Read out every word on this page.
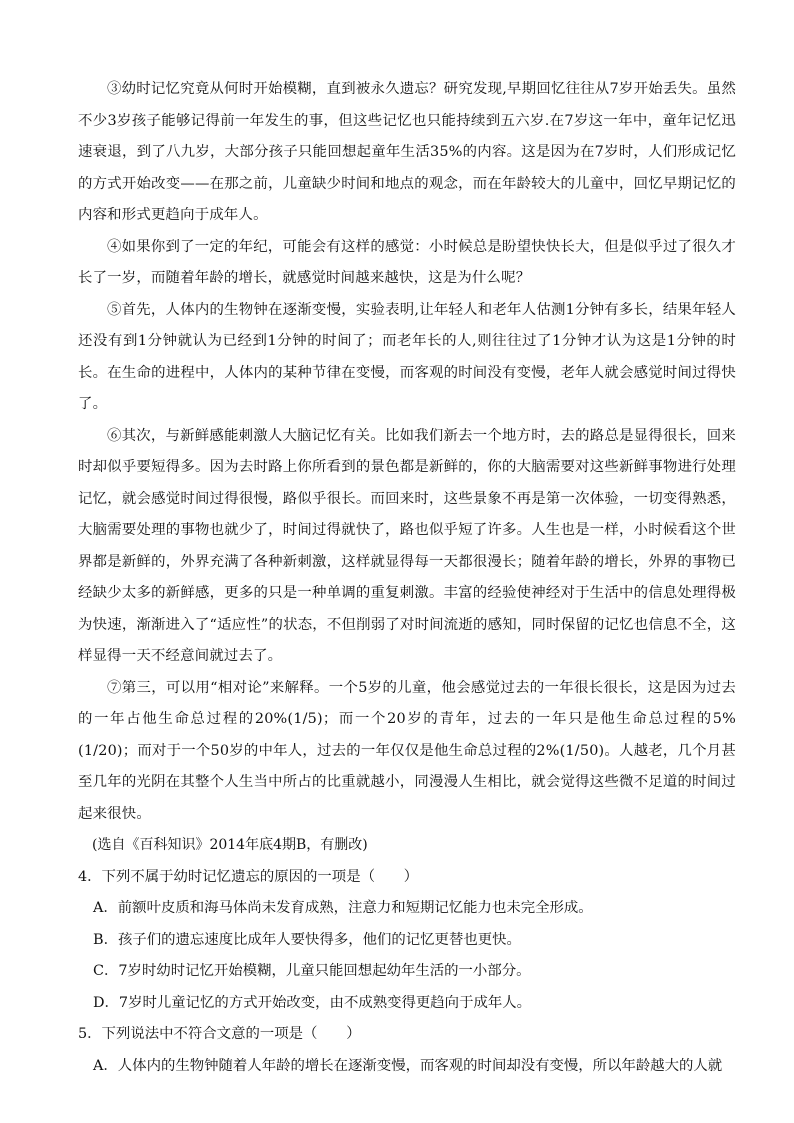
③幼时记忆究竟从何时开始模糊，直到被永久遗忘？研究发现,早期回忆往往从7岁开始丢失。虽然不少3岁孩子能够记得前一年发生的事，但这些记忆也只能持续到五六岁.在7岁这一年中，童年记忆迅速衰退，到了八九岁，大部分孩子只能回想起童年生活35%的内容。这是因为在7岁时，人们形成记忆的方式开始改变——在那之前，儿童缺少时间和地点的观念，而在年龄较大的儿童中，回忆早期记忆的内容和形式更趋向于成年人。

④如果你到了一定的年纪，可能会有这样的感觉：小时候总是盼望快快长大，但是似乎过了很久才长了一岁，而随着年龄的增长，就感觉时间越来越快，这是为什么呢？

⑤首先，人体内的生物钟在逐渐变慢，实验表明,让年轻人和老年人估测1分钟有多长，结果年轻人还没有到1分钟就认为已经到1分钟的时间了；而老年长的人,则往往过了1分钟才认为这是1分钟的时长。在生命的进程中，人体内的某种节律在变慢，而客观的时间没有变慢，老年人就会感觉时间过得快了。

⑥其次，与新鲜感能刺激人大脑记忆有关。比如我们新去一个地方时，去的路总是显得很长，回来时却似乎要短得多。因为去时路上你所看到的景色都是新鲜的，你的大脑需要对这些新鲜事物进行处理记忆，就会感觉时间过得很慢，路似乎很长。而回来时，这些景象不再是第一次体验，一切变得熟悉，大脑需要处理的事物也就少了，时间过得就快了，路也似乎短了许多。人生也是一样，小时候看这个世界都是新鲜的，外界充满了各种新刺激，这样就显得每一天都很漫长；随着年龄的增长，外界的事物已经缺少太多的新鲜感，更多的只是一种单调的重复刺激。丰富的经验使神经对于生活中的信息处理得极为快速，渐渐进入了“适应性”的状态，不但削弱了对时间流逝的感知，同时保留的记忆也信息不全，这样显得一天不经意间就过去了。

⑦第三，可以用“相对论”来解释。一个5岁的儿童，他会感觉过去的一年很长很长，这是因为过去的一年占他生命总过程的20%(1/5)；而一个20岁的青年，过去的一年只是他生命总过程的5%(1/20)；而对于一个50岁的中年人，过去的一年仅仅是他生命总过程的2%(1/50)。人越老，几个月甚至几年的光阴在其整个人生当中所占的比重就越小，同漫漫人生相比，就会觉得这些微不足道的时间过起来很快。

(选自《百科知识》2014年底4期B，有删改)

4．下列不属于幼时记忆遗忘的原因的一项是（　　）

A．前额叶皮质和海马体尚未发育成熟，注意力和短期记忆能力也未完全形成。

B．孩子们的遗忘速度比成年人要快得多，他们的记忆更替也更快。

C．7岁时幼时记忆开始模糊，儿童只能回想起幼年生活的一小部分。

D．7岁时儿童记忆的方式开始改变，由不成熟变得更趋向于成年人。

5．下列说法中不符合文意的一项是（　　）

A．人体内的生物钟随着人年龄的增长在逐渐变慢，而客观的时间却没有变慢，所以年龄越大的人就
